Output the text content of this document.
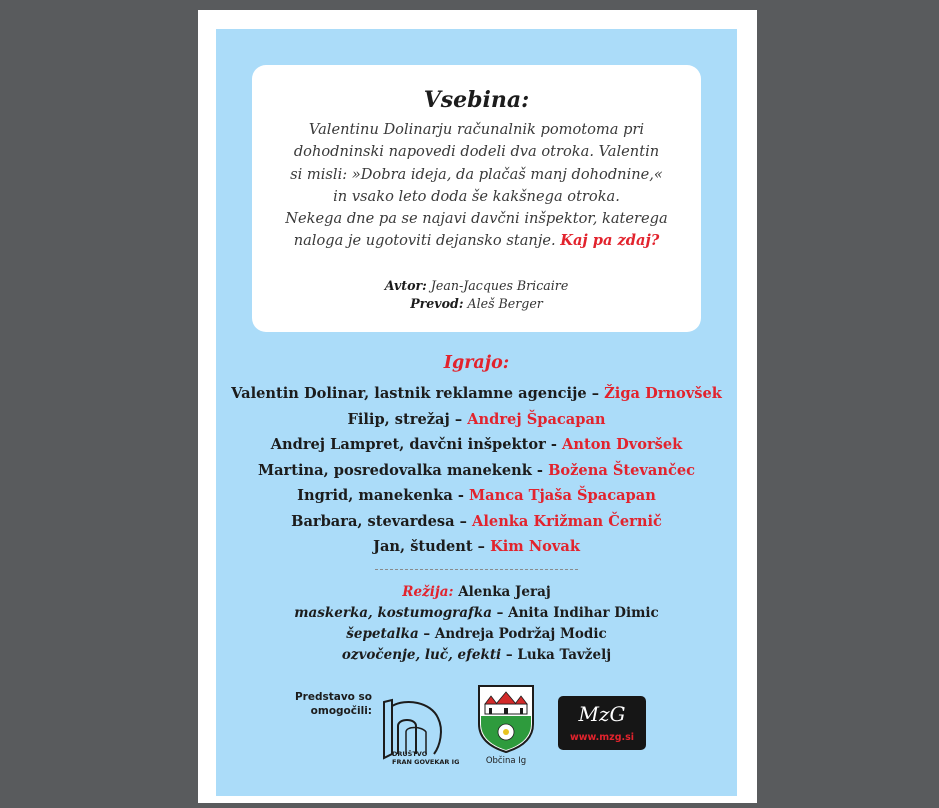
Vsebina:
Valentinu Dolinarju računalnik pomotoma pri
dohodninski napovedi dodeli dva otroka. Valentin
si misli: »Dobra ideja, da plačaš manj dohodnine,«
in vsako leto doda še kakšnega otroka.
Nekega dne pa se najavi davčni inšpektor, katerega
naloga je ugotoviti dejansko stanje. Kaj pa zdaj?
Avtor: Jean-Jacques Bricaire
Prevod: Aleš Berger
Igrajo:
Valentin Dolinar, lastnik reklamne agencije – Žiga Drnovšek
Filip, strežaj – Andrej Špacapan
Andrej Lampret, davčni inšpektor - Anton Dvoršek
Martina, posredovalka manekenk - Božena Števančec
Ingrid, manekenka - Manca Tjaša Špacapan
Barbara, stevardesa – Alenka Križman Černič
Jan, študent – Kim Novak
Režija: Alenka Jeraj
maskerka, kostumografka – Anita Indihar Dimic
šepetalka – Andreja Podržaj Modic
ozvočenje, luč, efekti – Luka Tavželj
Predstavo so
omogočili:
DRUŠTVO
FRAN GOVEKAR IG	Občina Ig
MzG
www.mzg.si
